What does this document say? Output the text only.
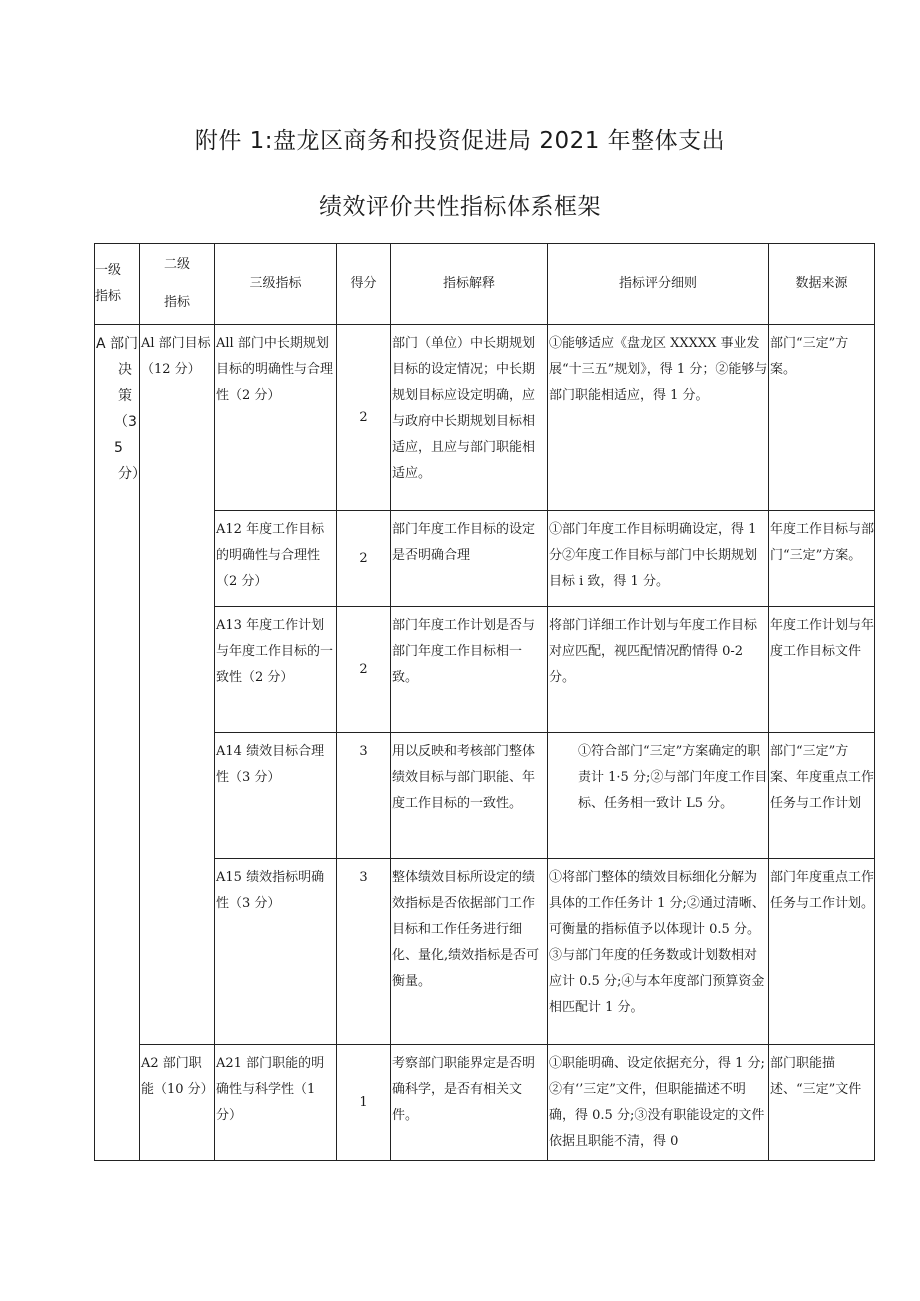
附件 1:盘龙区商务和投资促进局 2021 年整体支出
绩效评价共性指标体系框架
一级
指标	二级
指标	三级指标	得分	指标解释	指标评分细则	数据来源
A 部门
决
策
（35
分）	Al 部门目标（12 分）	All 部门中长期规划目标的明确性与合理性（2 分）	2	部门（单位）中长期规划目标的设定情况；中长期规划目标应设定明确，应与政府中长期规划目标相适应，且应与部门职能相适应。	①能够适应《盘龙区 XXXXX 事业发展“十三五”规划》，得 1 分；②能够与部门职能相适应，得 1 分。	部门“三定”方案。
		A12 年度工作目标的明确性与合理性（2 分）	2	部门年度工作目标的设定是否明确合理	①部门年度工作目标明确设定，得 1 分②年度工作目标与部门中长期规划目标 i 致，得 1 分。	年度工作目标与部门“三定”方案。
		A13 年度工作计划与年度工作目标的一致性（2 分）	2	部门年度工作计划是否与部门年度工作目标相一致。	将部门详细工作计划与年度工作目标对应匹配，视匹配情况酌情得 0-2 分。	年度工作计划与年度工作目标文件
		A14 绩效目标合理性（3 分）	3	用以反映和考核部门整体绩效目标与部门职能、年度工作目标的一致性。	①符合部门“三定”方案确定的职责计 1·5 分;②与部门年度工作目标、任务相一致计 L5 分。	部门“三定”方案、年度重点工作任务与工作计划
		A15 绩效指标明确性（3 分）	3	整体绩效目标所设定的绩效指标是否依据部门工作目标和工作任务进行细化、量化,绩效指标是否可衡量。	①将部门整体的绩效目标细化分解为具体的工作任务计 1 分;②通过清晰、可衡量的指标值予以体现计 0.5 分。③与部门年度的任务数或计划数相对应计 0.5 分;④与本年度部门预算资金相匹配计 1 分。	部门年度重点工作任务与工作计划。
	A2 部门职能（10 分）	A21 部门职能的明确性与科学性（1 分）	1	考察部门职能界定是否明确科学，是否有相关文件。	①职能明确、设定依据充分，得 1 分;②有‘’三定”文件，但职能描述不明确，得 0.5 分;③没有职能设定的文件依据且职能不清，得 0	部门职能描述、“三定”文件
